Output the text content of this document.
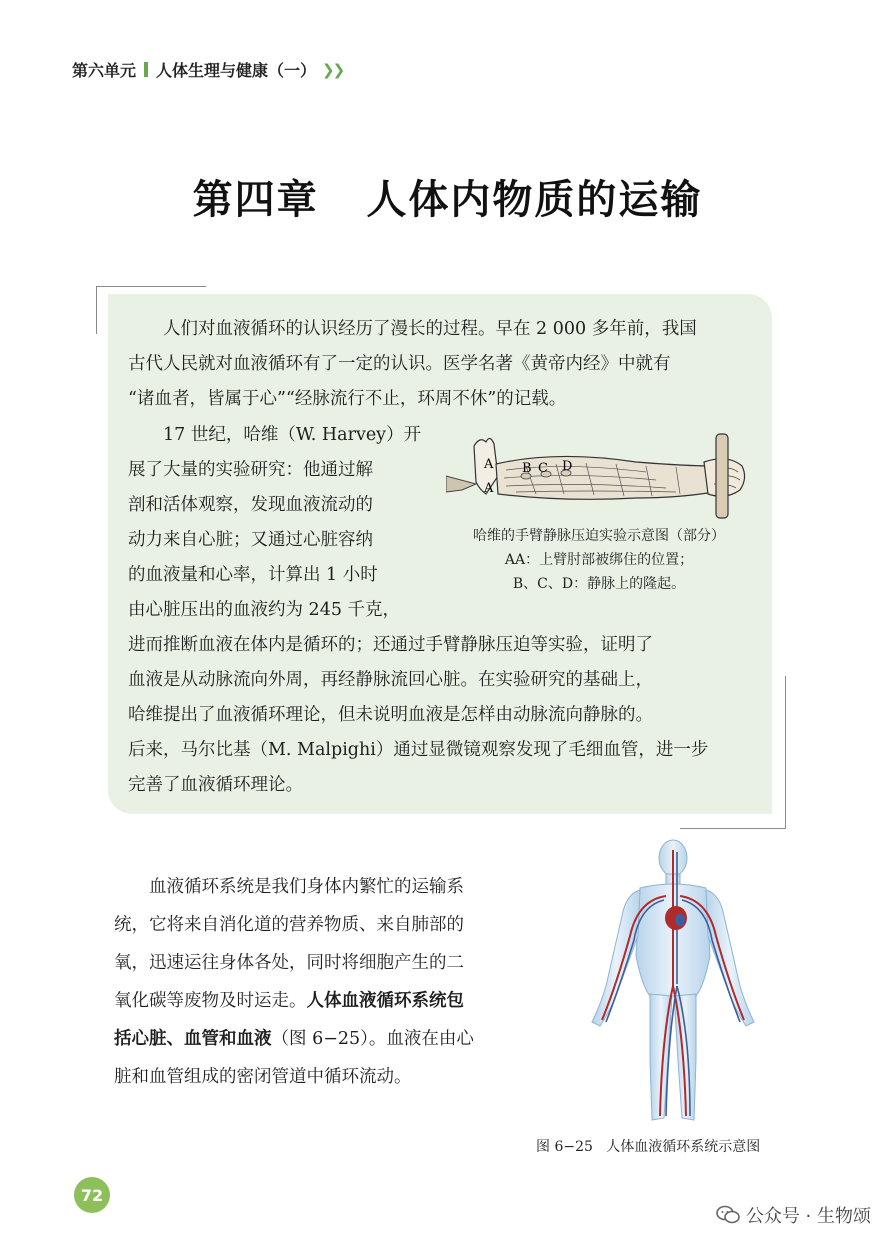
第六单元 人体生理与健康（一） ❯❯
第四章   人体内物质的运输
　　人们对血液循环的认识经历了漫长的过程。早在 2 000 多年前，我国
古代人民就对血液循环有了一定的认识。医学名著《黄帝内经》中就有
“诸血者，皆属于心”“经脉流行不止，环周不休”的记载。
　　17 世纪，哈维（W. Harvey）开
展了大量的实验研究：他通过解
剖和活体观察，发现血液流动的
动力来自心脏；又通过心脏容纳
的血液量和心率，计算出 1 小时
由心脏压出的血液约为 245 千克，
A
A
B C D
哈维的手臂静脉压迫实验示意图（部分）
AA：上臂肘部被绑住的位置；
B、C、D：静脉上的隆起。
进而推断血液在体内是循环的；还通过手臂静脉压迫等实验，证明了
血液是从动脉流向外周，再经静脉流回心脏。在实验研究的基础上，
哈维提出了血液循环理论，但未说明血液是怎样由动脉流向静脉的。
后来，马尔比基（M. Malpighi）通过显微镜观察发现了毛细血管，进一步
完善了血液循环理论。
　　血液循环系统是我们身体内繁忙的运输系
统，它将来自消化道的营养物质、来自肺部的
氧，迅速运往身体各处，同时将细胞产生的二
氧化碳等废物及时运走。人体血液循环系统包
括心脏、血管和血液（图 6−25）。血液在由心
脏和血管组成的密闭管道中循环流动。
图 6−25   人体血液循环系统示意图
72
公众号 · 生物颂
